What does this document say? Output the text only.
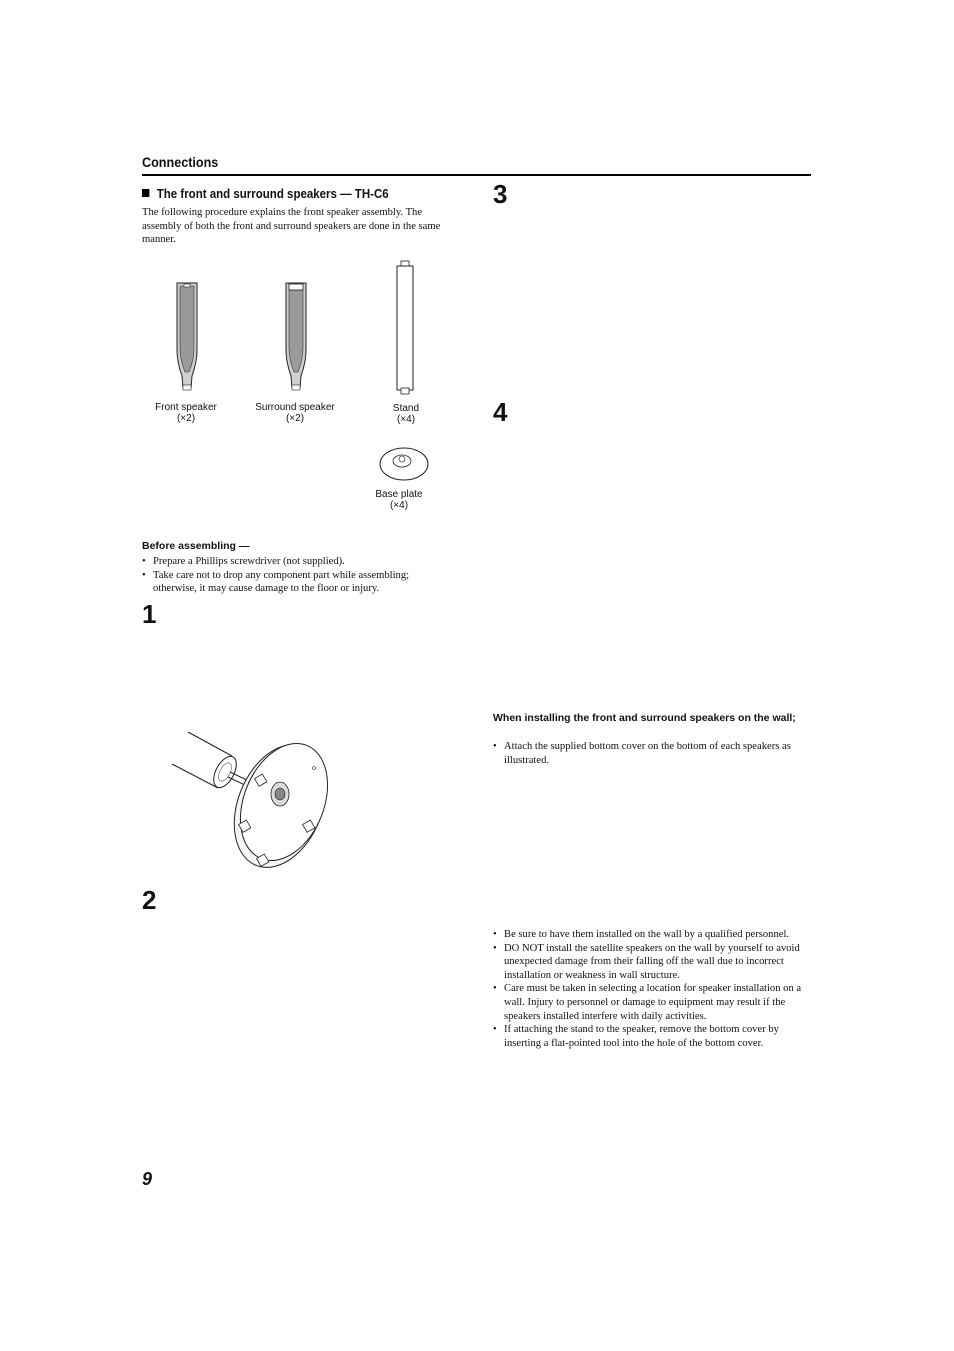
Connections
The front and surround speakers — TH-C6
The following procedure explains the front speaker assembly. The assembly of both the front and surround speakers are done in the same manner.
Front speaker
(×2)
Surround speaker
(×2)
Stand
(×4)
Base plate
(×4)
Before assembling —
• Prepare a Phillips screwdriver (not supplied).
• Take care not to drop any component part while assembling; otherwise, it may cause damage to the floor or injury.
1
2
3
4
When installing the front and surround speakers on the wall;
• Attach the supplied bottom cover on the bottom of each speakers as illustrated.
• Be sure to have them installed on the wall by a qualified personnel.
• DO NOT install the satellite speakers on the wall by yourself to avoid unexpected damage from their falling off the wall due to incorrect installation or weakness in wall structure.
• Care must be taken in selecting a location for speaker installation on a wall. Injury to personnel or damage to equipment may result if the speakers installed interfere with daily activities.
• If attaching the stand to the speaker, remove the bottom cover by inserting a flat-pointed tool into the hole of the bottom cover.
9
